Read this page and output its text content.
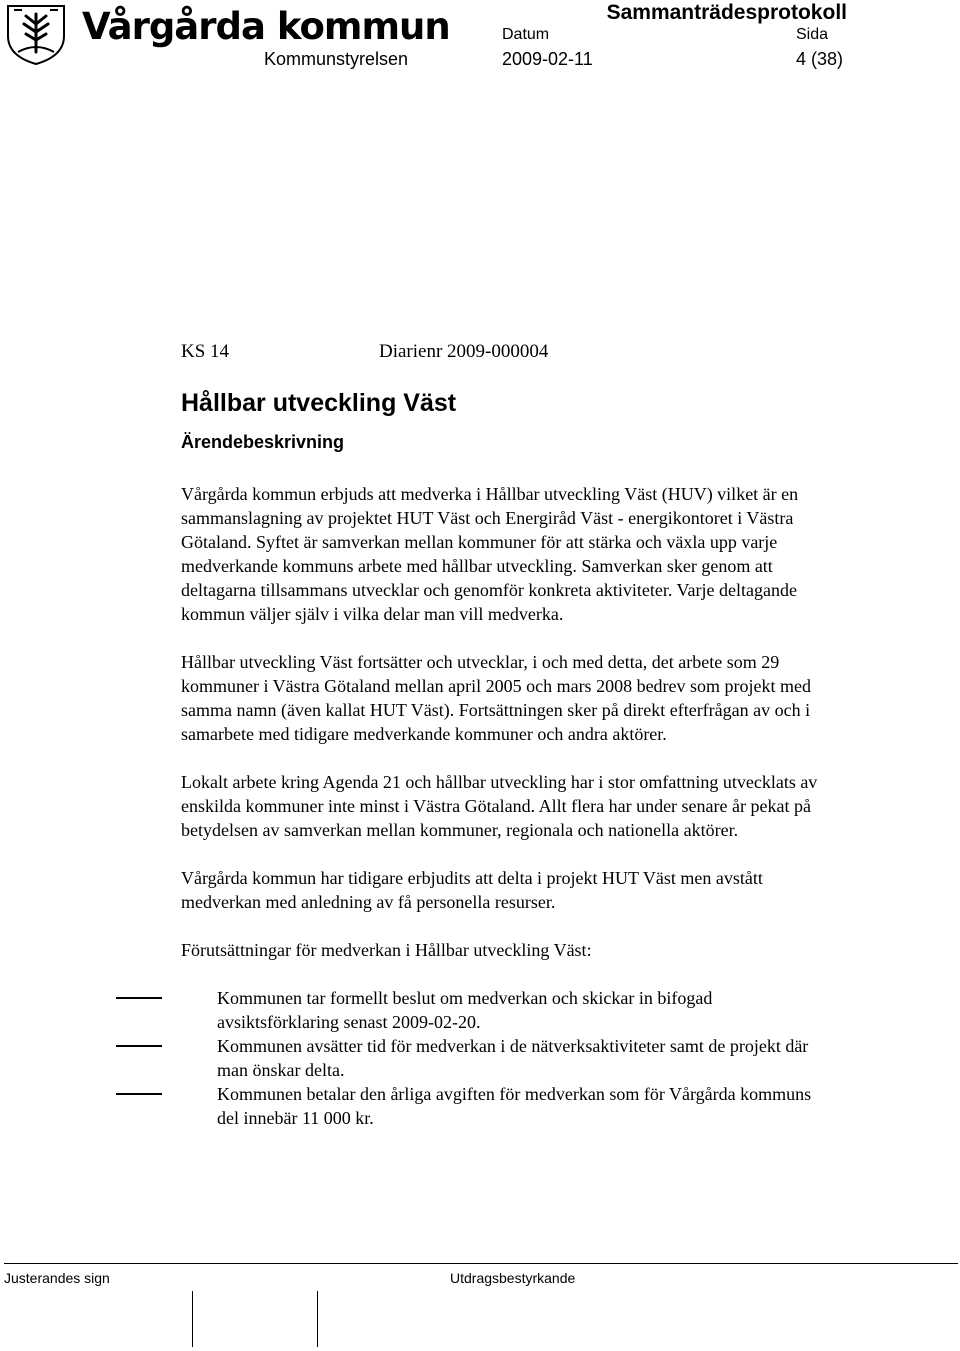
Vårgårda kommun
Kommunstyrelsen
Sammanträdesprotokoll
Datum
2009-02-11
Sida
4 (38)
KS 14	Diarienr 2009-000004
Hållbar utveckling Väst
Ärendebeskrivning

Vårgårda kommun erbjuds att medverka i Hållbar utveckling Väst (HUV) vilket är en sammanslagning av projektet HUT Väst och Energiråd Väst - energikontoret i Västra Götaland. Syftet är samverkan mellan kommuner för att stärka och växla upp varje medverkande kommuns arbete med hållbar utveckling. Samverkan sker genom att deltagarna tillsammans utvecklar och genomför konkreta aktiviteter. Varje deltagande kommun väljer själv i vilka delar man vill medverka.

Hållbar utveckling Väst fortsätter och utvecklar, i och med detta, det arbete som 29 kommuner i Västra Götaland mellan april 2005 och mars 2008 bedrev som projekt med samma namn (även kallat HUT Väst). Fortsättningen sker på direkt efterfrågan av och i samarbete med tidigare medverkande kommuner och andra aktörer.

Lokalt arbete kring Agenda 21 och hållbar utveckling har i stor omfattning utvecklats av enskilda kommuner inte minst i Västra Götaland. Allt flera har under senare år pekat på betydelsen av samverkan mellan kommuner, regionala och nationella aktörer.

Vårgårda kommun har tidigare erbjudits att delta i projekt HUT Väst men avstått medverkan med anledning av få personella resurser.

Förutsättningar för medverkan i Hållbar utveckling Väst:

Kommunen tar formellt beslut om medverkan och skickar in bifogad avsiktsförklaring senast 2009-02-20.
Kommunen avsätter tid för medverkan i de nätverksaktiviteter samt de projekt där man önskar delta.
Kommunen betalar den årliga avgiften för medverkan som för Vårgårda kommuns del innebär 11 000 kr.
Justerandes sign	Utdragsbestyrkande
